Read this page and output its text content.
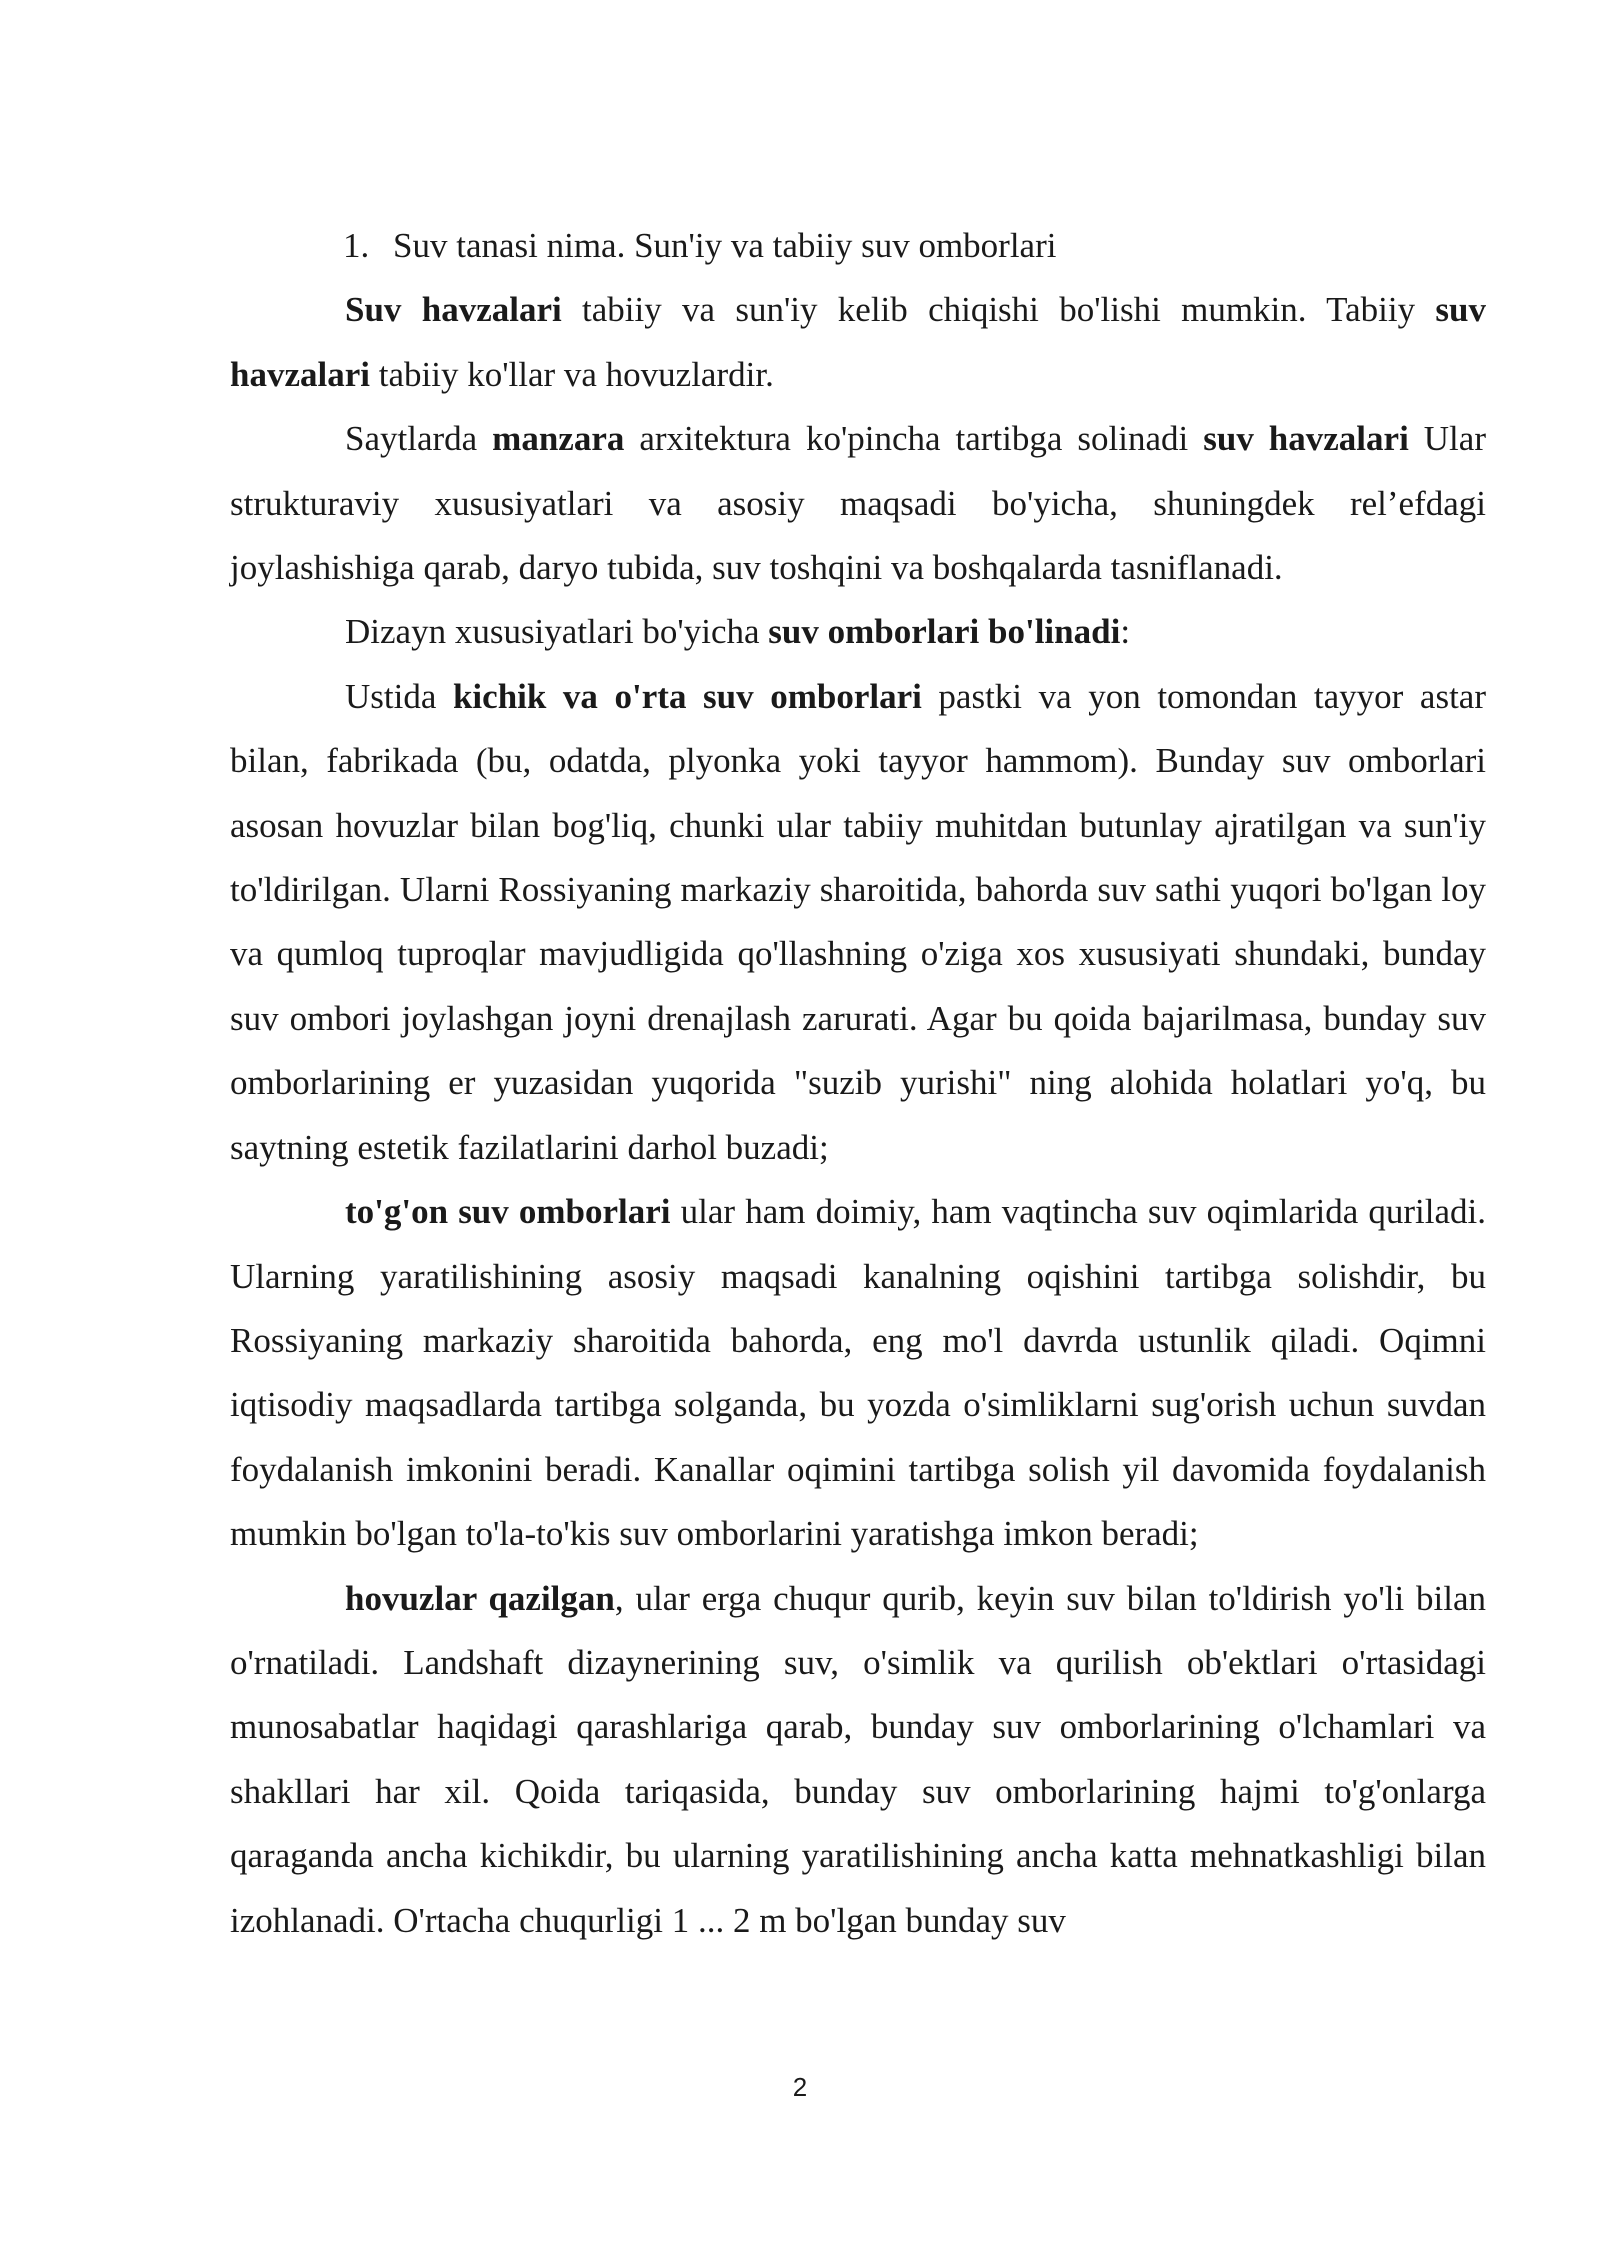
1. Suv tanasi nima. Sun'iy va tabiiy suv omborlari

Suv havzalari tabiiy va sun'iy kelib chiqishi bo'lishi mumkin. Tabiiy suv havzalari tabiiy ko'llar va hovuzlardir.

Saytlarda manzara arxitektura ko'pincha tartibga solinadi suv havzalari Ular strukturaviy xususiyatlari va asosiy maqsadi bo'yicha, shuningdek rel’efdagi joylashishiga qarab, daryo tubida, suv toshqini va boshqalarda tasniflanadi.

Dizayn xususiyatlari bo'yicha suv omborlari bo'linadi:

Ustida kichik va o'rta suv omborlari pastki va yon tomondan tayyor astar bilan, fabrikada (bu, odatda, plyonka yoki tayyor hammom). Bunday suv omborlari asosan hovuzlar bilan bog'liq, chunki ular tabiiy muhitdan butunlay ajratilgan va sun'iy to'ldirilgan. Ularni Rossiyaning markaziy sharoitida, bahorda suv sathi yuqori bo'lgan loy va qumloq tuproqlar mavjudligida qo'llashning o'ziga xos xususiyati shundaki, bunday suv ombori joylashgan joyni drenajlash zarurati. Agar bu qoida bajarilmasa, bunday suv omborlarining er yuzasidan yuqorida "suzib yurishi" ning alohida holatlari yo'q, bu saytning estetik fazilatlarini darhol buzadi;

to'g'on suv omborlari ular ham doimiy, ham vaqtincha suv oqimlarida quriladi. Ularning yaratilishining asosiy maqsadi kanalning oqishini tartibga solishdir, bu Rossiyaning markaziy sharoitida bahorda, eng mo'l davrda ustunlik qiladi. Oqimni iqtisodiy maqsadlarda tartibga solganda, bu yozda o'simliklarni sug'orish uchun suvdan foydalanish imkonini beradi. Kanallar oqimini tartibga solish yil davomida foydalanish mumkin bo'lgan to'la-to'kis suv omborlarini yaratishga imkon beradi;

hovuzlar qazilgan, ular erga chuqur qurib, keyin suv bilan to'ldirish yo'li bilan o'rnatiladi. Landshaft dizaynerining suv, o'simlik va qurilish ob'ektlari o'rtasidagi munosabatlar haqidagi qarashlariga qarab, bunday suv omborlarining o'lchamlari va shakllari har xil. Qoida tariqasida, bunday suv omborlarining hajmi to'g'onlarga qaraganda ancha kichikdir, bu ularning yaratilishining ancha katta mehnatkashligi bilan izohlanadi. O'rtacha chuqurligi 1 ... 2 m bo'lgan bunday suv

2
